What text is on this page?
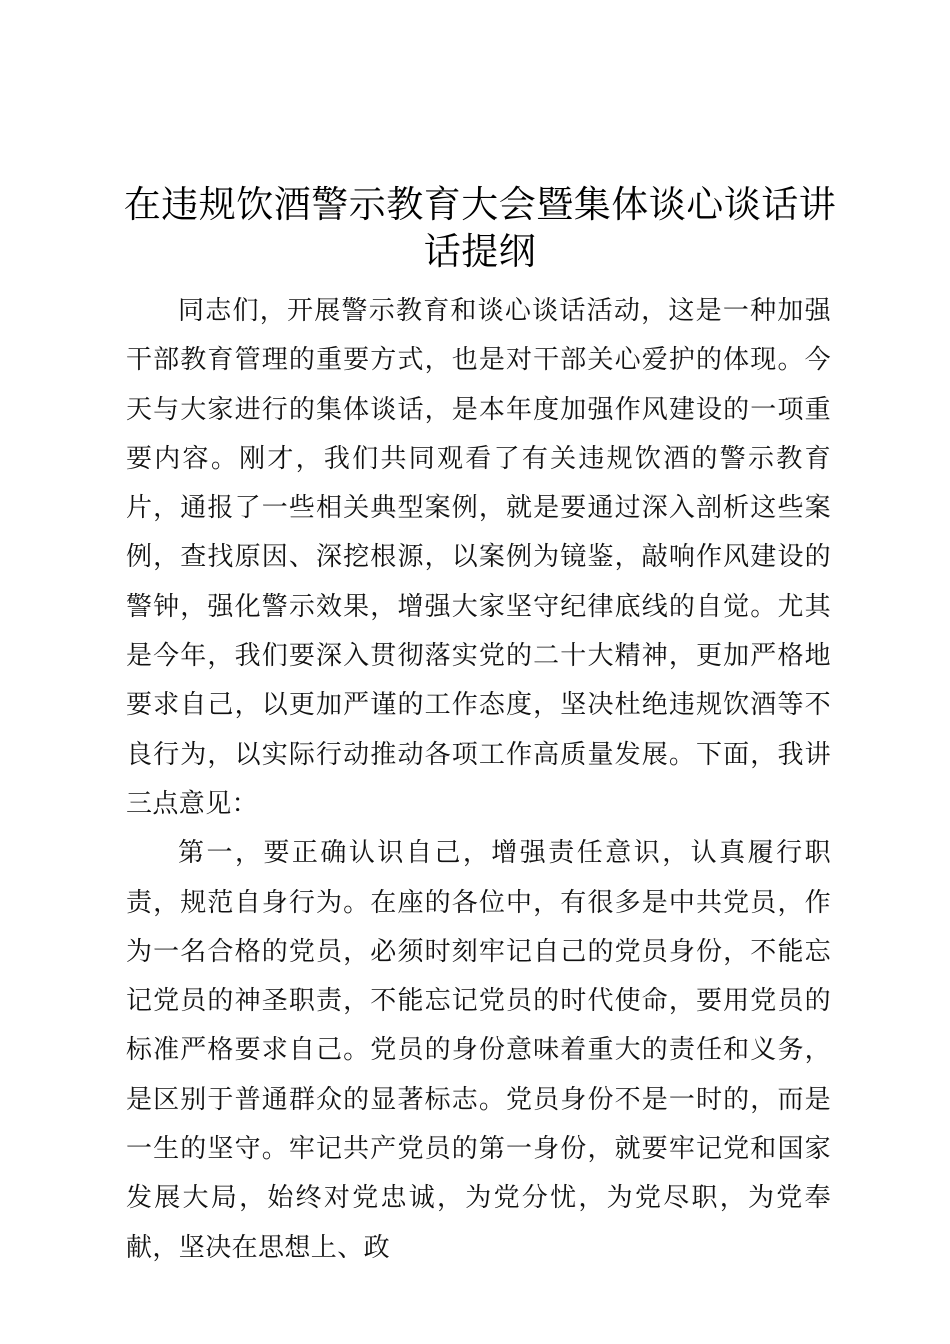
在违规饮酒警示教育大会暨集体谈心谈话讲话提纲

同志们，开展警示教育和谈心谈话活动，这是一种加强干部教育管理的重要方式，也是对干部关心爱护的体现。今天与大家进行的集体谈话，是本年度加强作风建设的一项重要内容。刚才，我们共同观看了有关违规饮酒的警示教育片，通报了一些相关典型案例，就是要通过深入剖析这些案例，查找原因、深挖根源，以案例为镜鉴，敲响作风建设的警钟，强化警示效果，增强大家坚守纪律底线的自觉。尤其是今年，我们要深入贯彻落实党的二十大精神，更加严格地要求自己，以更加严谨的工作态度，坚决杜绝违规饮酒等不良行为，以实际行动推动各项工作高质量发展。下面，我讲三点意见：

第一，要正确认识自己，增强责任意识，认真履行职责，规范自身行为。在座的各位中，有很多是中共党员，作为一名合格的党员，必须时刻牢记自己的党员身份，不能忘记党员的神圣职责，不能忘记党员的时代使命，要用党员的标准严格要求自己。党员的身份意味着重大的责任和义务，是区别于普通群众的显著标志。党员身份不是一时的，而是一生的坚守。牢记共产党员的第一身份，就要牢记党和国家发展大局，始终对党忠诚，为党分忧，为党尽职，为党奉献，坚决在思想上、政
